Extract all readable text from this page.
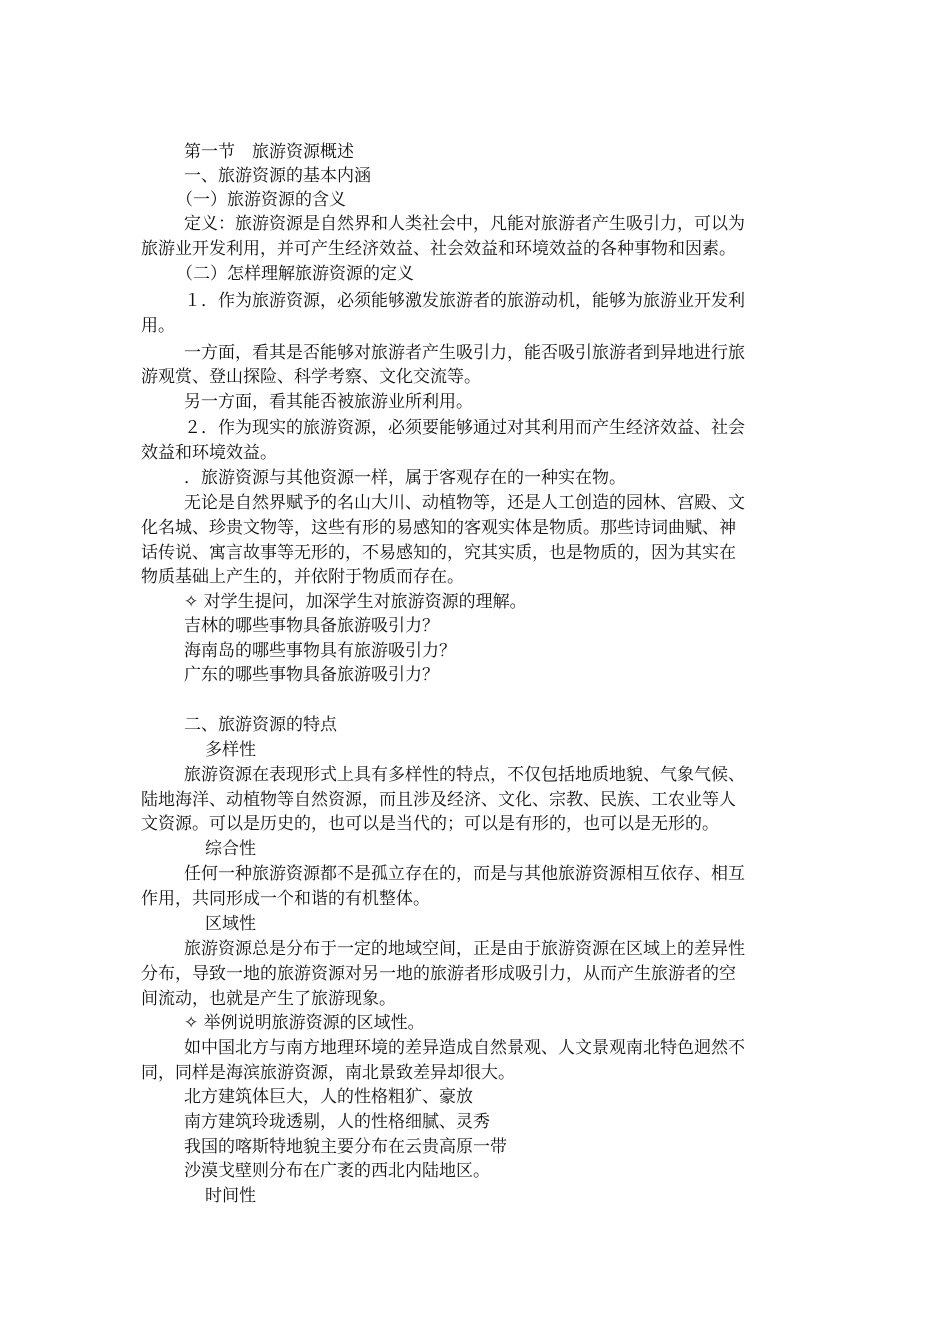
第一节　旅游资源概述
一、旅游资源的基本内涵
（一）旅游资源的含义
定义：旅游资源是自然界和人类社会中，凡能对旅游者产生吸引力，可以为
旅游业开发利用，并可产生经济效益、社会效益和环境效益的各种事物和因素。
（二）怎样理解旅游资源的定义
１．作为旅游资源，必须能够激发旅游者的旅游动机，能够为旅游业开发利
用。
一方面，看其是否能够对旅游者产生吸引力，能否吸引旅游者到异地进行旅
游观赏、登山探险、科学考察、文化交流等。
另一方面，看其能否被旅游业所利用。
２．作为现实的旅游资源，必须要能够通过对其利用而产生经济效益、社会
效益和环境效益。
．旅游资源与其他资源一样，属于客观存在的一种实在物。
无论是自然界赋予的名山大川、动植物等，还是人工创造的园林、宫殿、文
化名城、珍贵文物等，这些有形的易感知的客观实体是物质。那些诗词曲赋、神
话传说、寓言故事等无形的，不易感知的，究其实质，也是物质的，因为其实在
物质基础上产生的，并依附于物质而存在。
✧ 对学生提问，加深学生对旅游资源的理解。
吉林的哪些事物具备旅游吸引力？
海南岛的哪些事物具有旅游吸引力？
广东的哪些事物具备旅游吸引力？
二、旅游资源的特点
多样性
旅游资源在表现形式上具有多样性的特点，不仅包括地质地貌、气象气候、
陆地海洋、动植物等自然资源，而且涉及经济、文化、宗教、民族、工农业等人
文资源。可以是历史的，也可以是当代的；可以是有形的，也可以是无形的。
综合性
任何一种旅游资源都不是孤立存在的，而是与其他旅游资源相互依存、相互
作用，共同形成一个和谐的有机整体。
区域性
旅游资源总是分布于一定的地域空间，正是由于旅游资源在区域上的差异性
分布，导致一地的旅游资源对另一地的旅游者形成吸引力，从而产生旅游者的空
间流动，也就是产生了旅游现象。
✧ 举例说明旅游资源的区域性。
如中国北方与南方地理环境的差异造成自然景观、人文景观南北特色迥然不
同，同样是海滨旅游资源，南北景致差异却很大。
北方建筑体巨大，人的性格粗犷、豪放
南方建筑玲珑透剔，人的性格细腻、灵秀
我国的喀斯特地貌主要分布在云贵高原一带
沙漠戈壁则分布在广袤的西北内陆地区。
时间性
